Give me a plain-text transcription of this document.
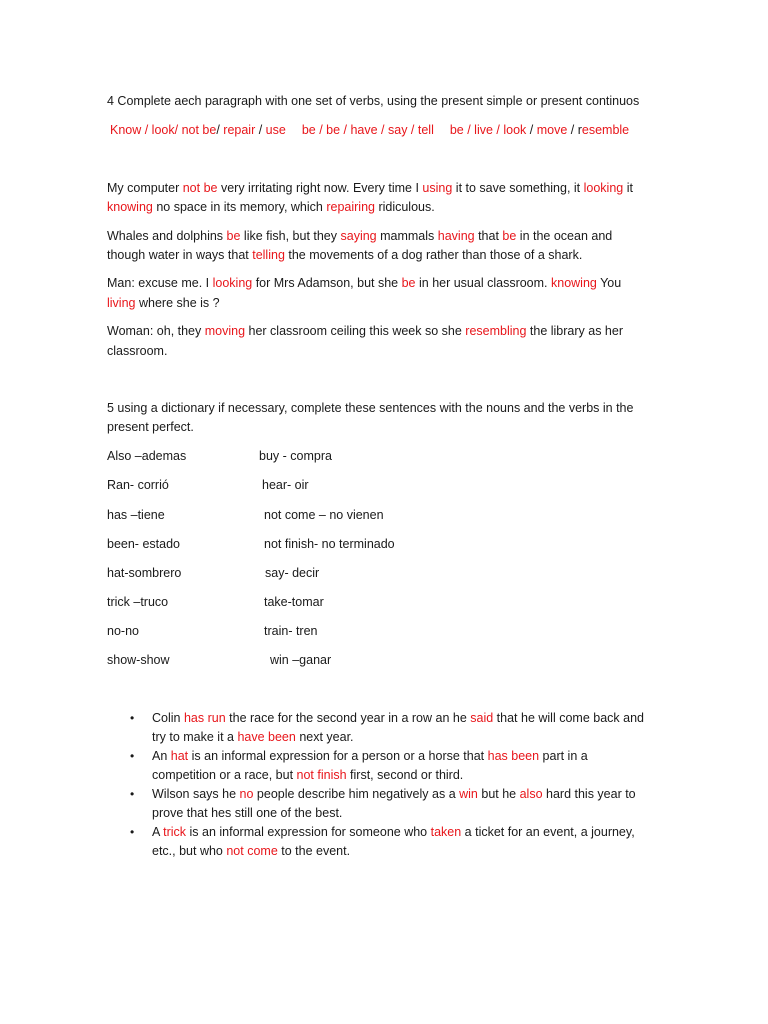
4 Complete aech paragraph with one set of verbs, using the present simple or present continuos
Know / look/ not be/ repair / use be / be / have / say / tell be / live / look / move / resemble
My computer not be very irritating right now. Every time I using it to save something, it looking it
knowing no space in its memory, which repairing ridiculous.
Whales and dolphins be like fish, but they saying mammals having that be in the ocean and
though water in ways that telling the movements of a dog rather than those of a shark.
Man: excuse me. I looking for Mrs Adamson, but she be in her usual classroom. knowing You
living where she is ?
Woman: oh, they moving her classroom ceiling this week so she resembling the library as her
classroom.
5 using a dictionary if necessary, complete these sentences with the nouns and the verbs in the
present perfect.
Also –ademas	buy - compra
Ran- corrió	hear- oir
has –tiene	not come – no vienen
been- estado	not finish- no terminado
hat-sombrero	say- decir
trick –truco	take-tomar
no-no	train- tren
show-show	win –ganar
• Colin has run the race for the second year in a row an he said that he will come back and
try to make it a have been next year.
• An hat is an informal expression for a person or a horse that has been part in a
competition or a race, but not finish first, second or third.
• Wilson says he no people describe him negatively as a win but he also hard this year to
prove that hes still one of the best.
• A trick is an informal expression for someone who taken a ticket for an event, a journey,
etc., but who not come to the event.
